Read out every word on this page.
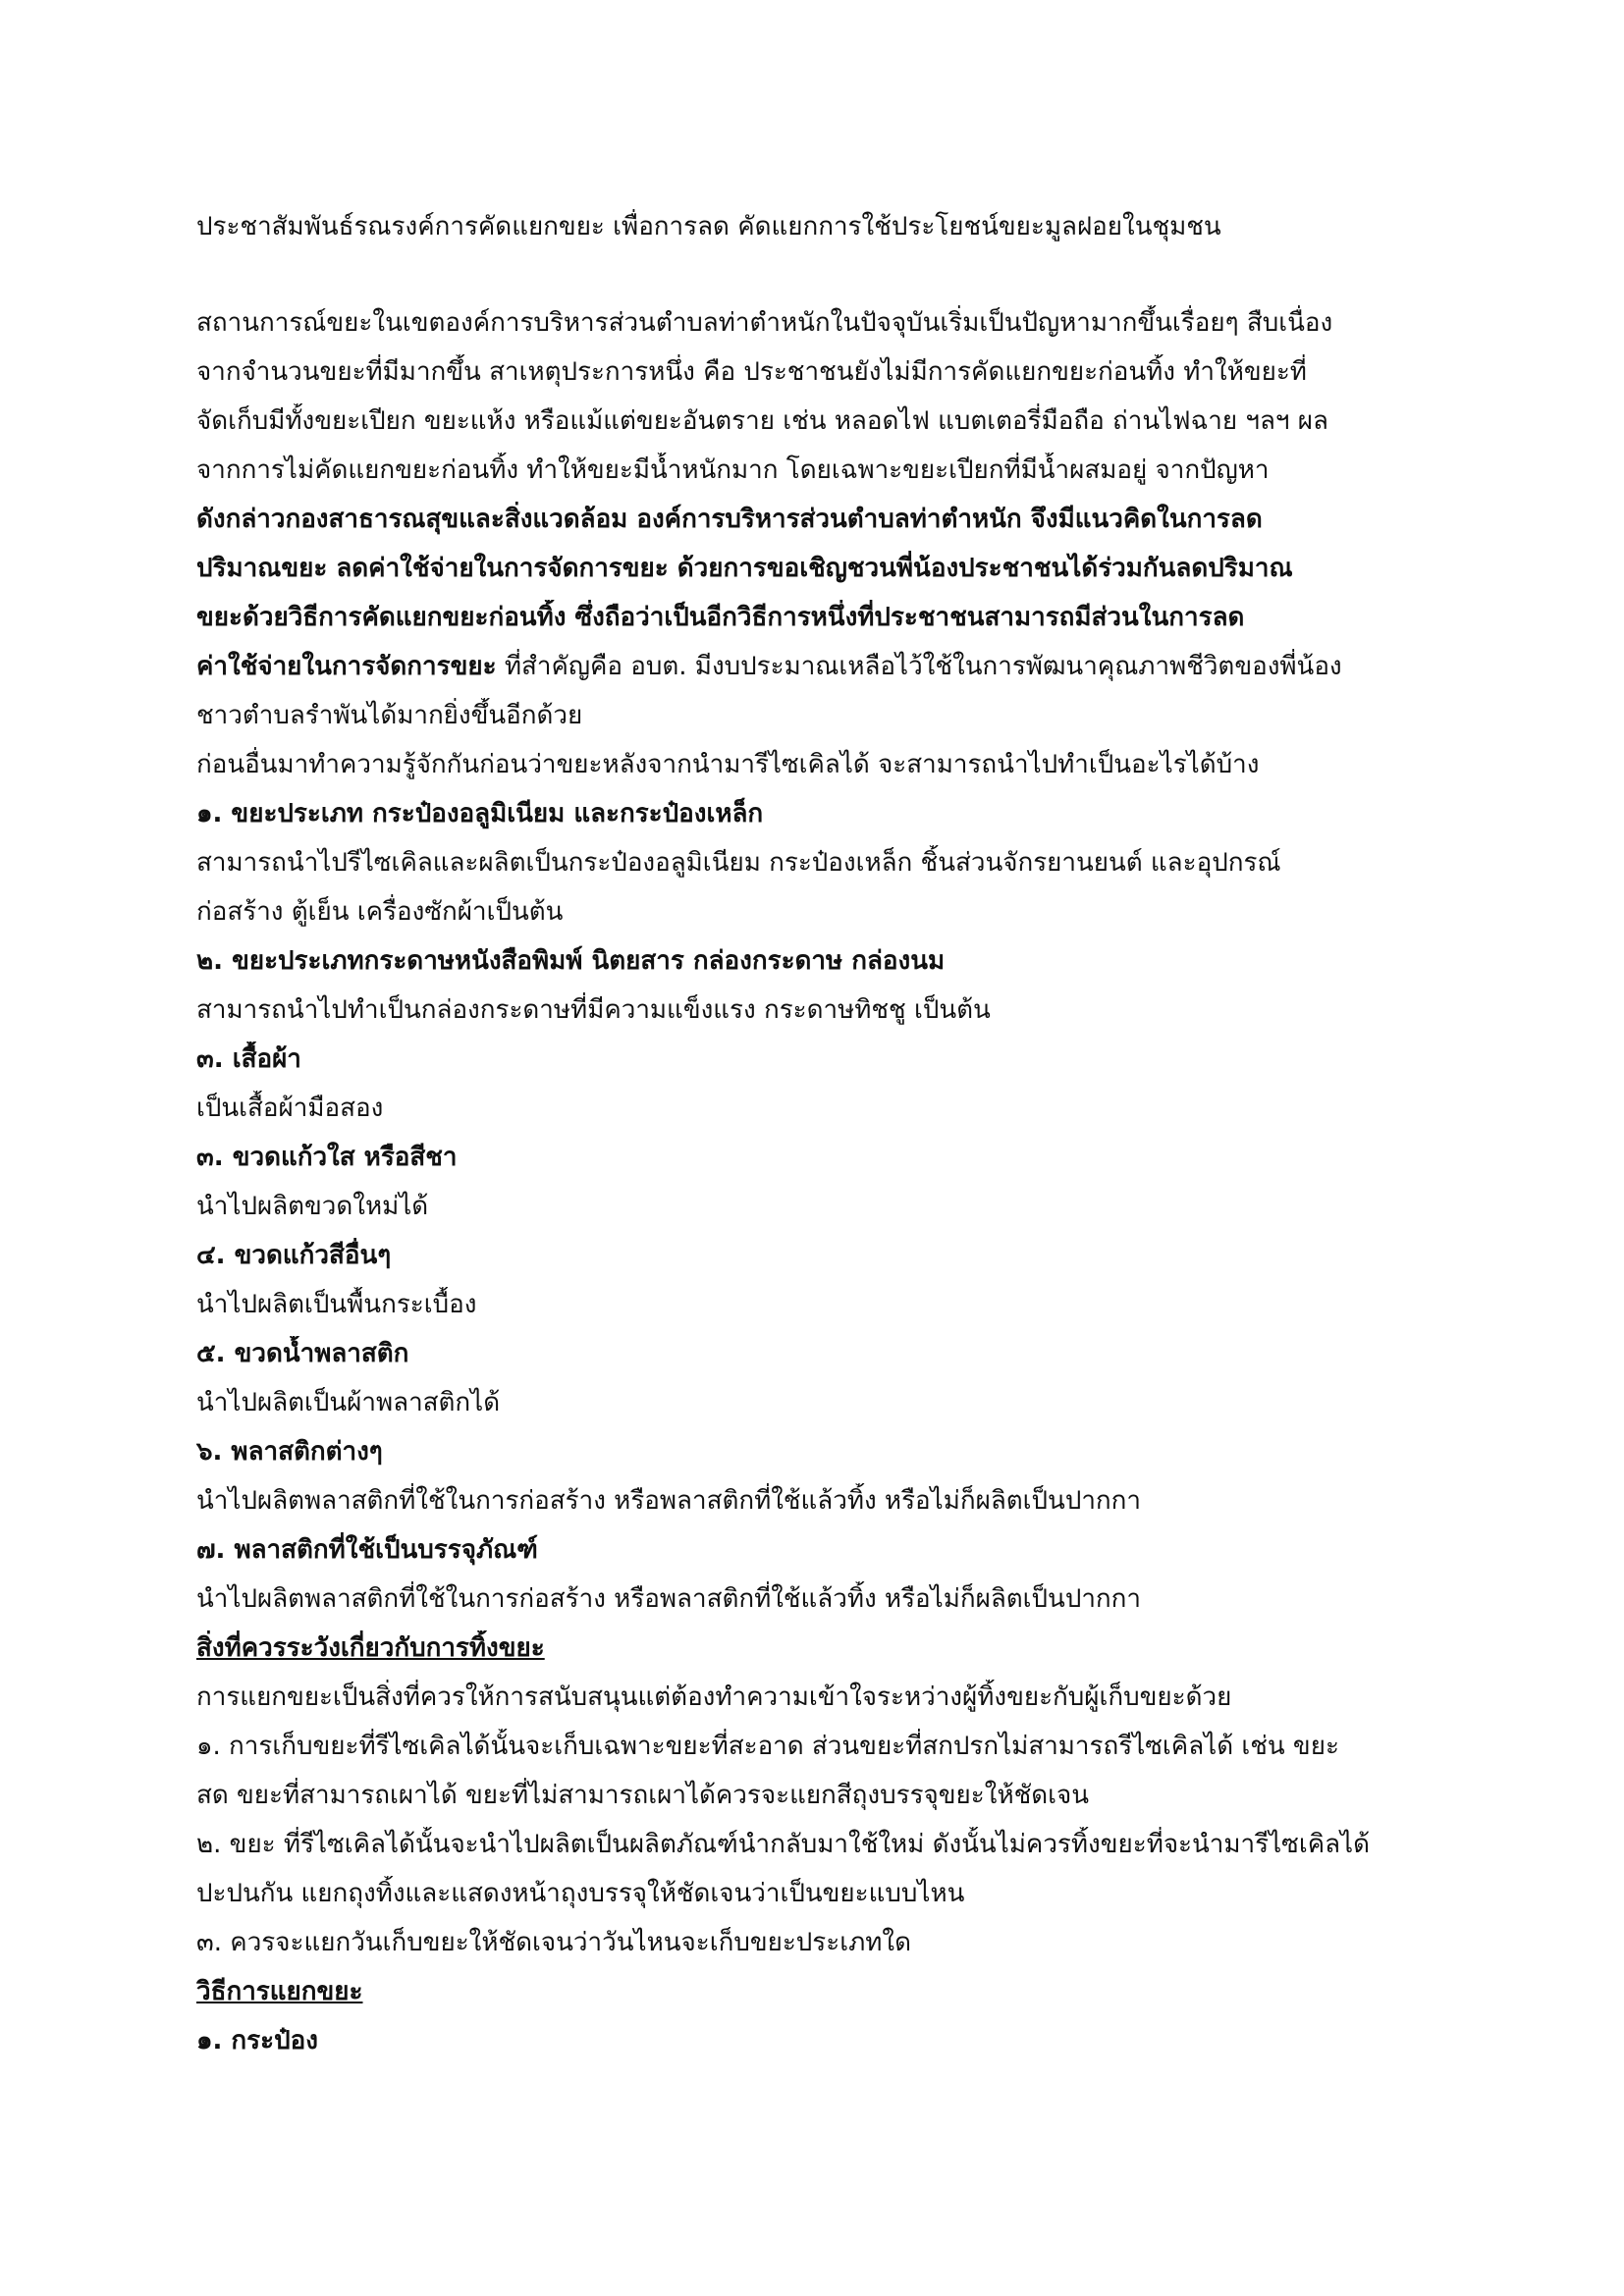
ประชาสัมพันธ์รณรงค์การคัดแยกขยะ เพื่อการลด คัดแยกการใช้ประโยชน์ขยะมูลฝอยในชุมชน
สถานการณ์ขยะในเขตองค์การบริหารส่วนตำบลท่าตำหนักในปัจจุบันเริ่มเป็นปัญหามากขึ้นเรื่อยๆ สืบเนื่อง
จากจำนวนขยะที่มีมากขึ้น สาเหตุประการหนึ่ง คือ ประชาชนยังไม่มีการคัดแยกขยะก่อนทิ้ง ทำให้ขยะที่
จัดเก็บมีทั้งขยะเปียก ขยะแห้ง หรือแม้แต่ขยะอันตราย เช่น หลอดไฟ แบตเตอรี่มือถือ ถ่านไฟฉาย ฯลฯ ผล
จากการไม่คัดแยกขยะก่อนทิ้ง ทำให้ขยะมีน้ำหนักมาก โดยเฉพาะขยะเปียกที่มีน้ำผสมอยู่ จากปัญหา
ดังกล่าวกองสาธารณสุขและสิ่งแวดล้อม องค์การบริหารส่วนตำบลท่าตำหนัก จึงมีแนวคิดในการลด
ปริมาณขยะ ลดค่าใช้จ่ายในการจัดการขยะ ด้วยการขอเชิญชวนพี่น้องประชาชนได้ร่วมกันลดปริมาณ
ขยะด้วยวิธีการคัดแยกขยะก่อนทิ้ง ซึ่งถือว่าเป็นอีกวิธีการหนึ่งที่ประชาชนสามารถมีส่วนในการลด
ค่าใช้จ่ายในการจัดการขยะ ที่สำคัญคือ อบต. มีงบประมาณเหลือไว้ใช้ในการพัฒนาคุณภาพชีวิตของพี่น้อง
ชาวตำบลรำพันได้มากยิ่งขึ้นอีกด้วย
ก่อนอื่นมาทำความรู้จักกันก่อนว่าขยะหลังจากนำมารีไซเคิลได้ จะสามารถนำไปทำเป็นอะไรได้บ้าง
๑. ขยะประเภท กระป๋องอลูมิเนียม และกระป๋องเหล็ก
สามารถนำไปรีไซเคิลและผลิตเป็นกระป๋องอลูมิเนียม กระป๋องเหล็ก ชิ้นส่วนจักรยานยนต์ และอุปกรณ์
ก่อสร้าง ตู้เย็น เครื่องซักผ้าเป็นต้น
๒. ขยะประเภทกระดาษหนังสือพิมพ์ นิตยสาร กล่องกระดาษ กล่องนม
สามารถนำไปทำเป็นกล่องกระดาษที่มีความแข็งแรง กระดาษทิชชู เป็นต้น
๓. เสื้อผ้า
เป็นเสื้อผ้ามือสอง
๓. ขวดแก้วใส หรือสีชา
นำไปผลิตขวดใหม่ได้
๔. ขวดแก้วสีอื่นๆ
นำไปผลิตเป็นพื้นกระเบื้อง
๕. ขวดน้ำพลาสติก
นำไปผลิตเป็นผ้าพลาสติกได้
๖. พลาสติกต่างๆ
นำไปผลิตพลาสติกที่ใช้ในการก่อสร้าง หรือพลาสติกที่ใช้แล้วทิ้ง หรือไม่ก็ผลิตเป็นปากกา
๗. พลาสติกที่ใช้เป็นบรรจุภัณฑ์
นำไปผลิตพลาสติกที่ใช้ในการก่อสร้าง หรือพลาสติกที่ใช้แล้วทิ้ง หรือไม่ก็ผลิตเป็นปากกา
สิ่งที่ควรระวังเกี่ยวกับการทิ้งขยะ
การแยกขยะเป็นสิ่งที่ควรให้การสนับสนุนแต่ต้องทำความเข้าใจระหว่างผู้ทิ้งขยะกับผู้เก็บขยะด้วย
๑. การเก็บขยะที่รีไซเคิลได้นั้นจะเก็บเฉพาะขยะที่สะอาด ส่วนขยะที่สกปรกไม่สามารถรีไซเคิลได้ เช่น ขยะ
สด ขยะที่สามารถเผาได้ ขยะที่ไม่สามารถเผาได้ควรจะแยกสีถุงบรรจุขยะให้ชัดเจน
๒. ขยะ ที่รีไซเคิลได้นั้นจะนำไปผลิตเป็นผลิตภัณฑ์นำกลับมาใช้ใหม่ ดังนั้นไม่ควรทิ้งขยะที่จะนำมารีไซเคิลได้
ปะปนกัน แยกถุงทิ้งและแสดงหน้าถุงบรรจุให้ชัดเจนว่าเป็นขยะแบบไหน
๓. ควรจะแยกวันเก็บขยะให้ชัดเจนว่าวันไหนจะเก็บขยะประเภทใด
วิธีการแยกขยะ
๑. กระป๋อง
